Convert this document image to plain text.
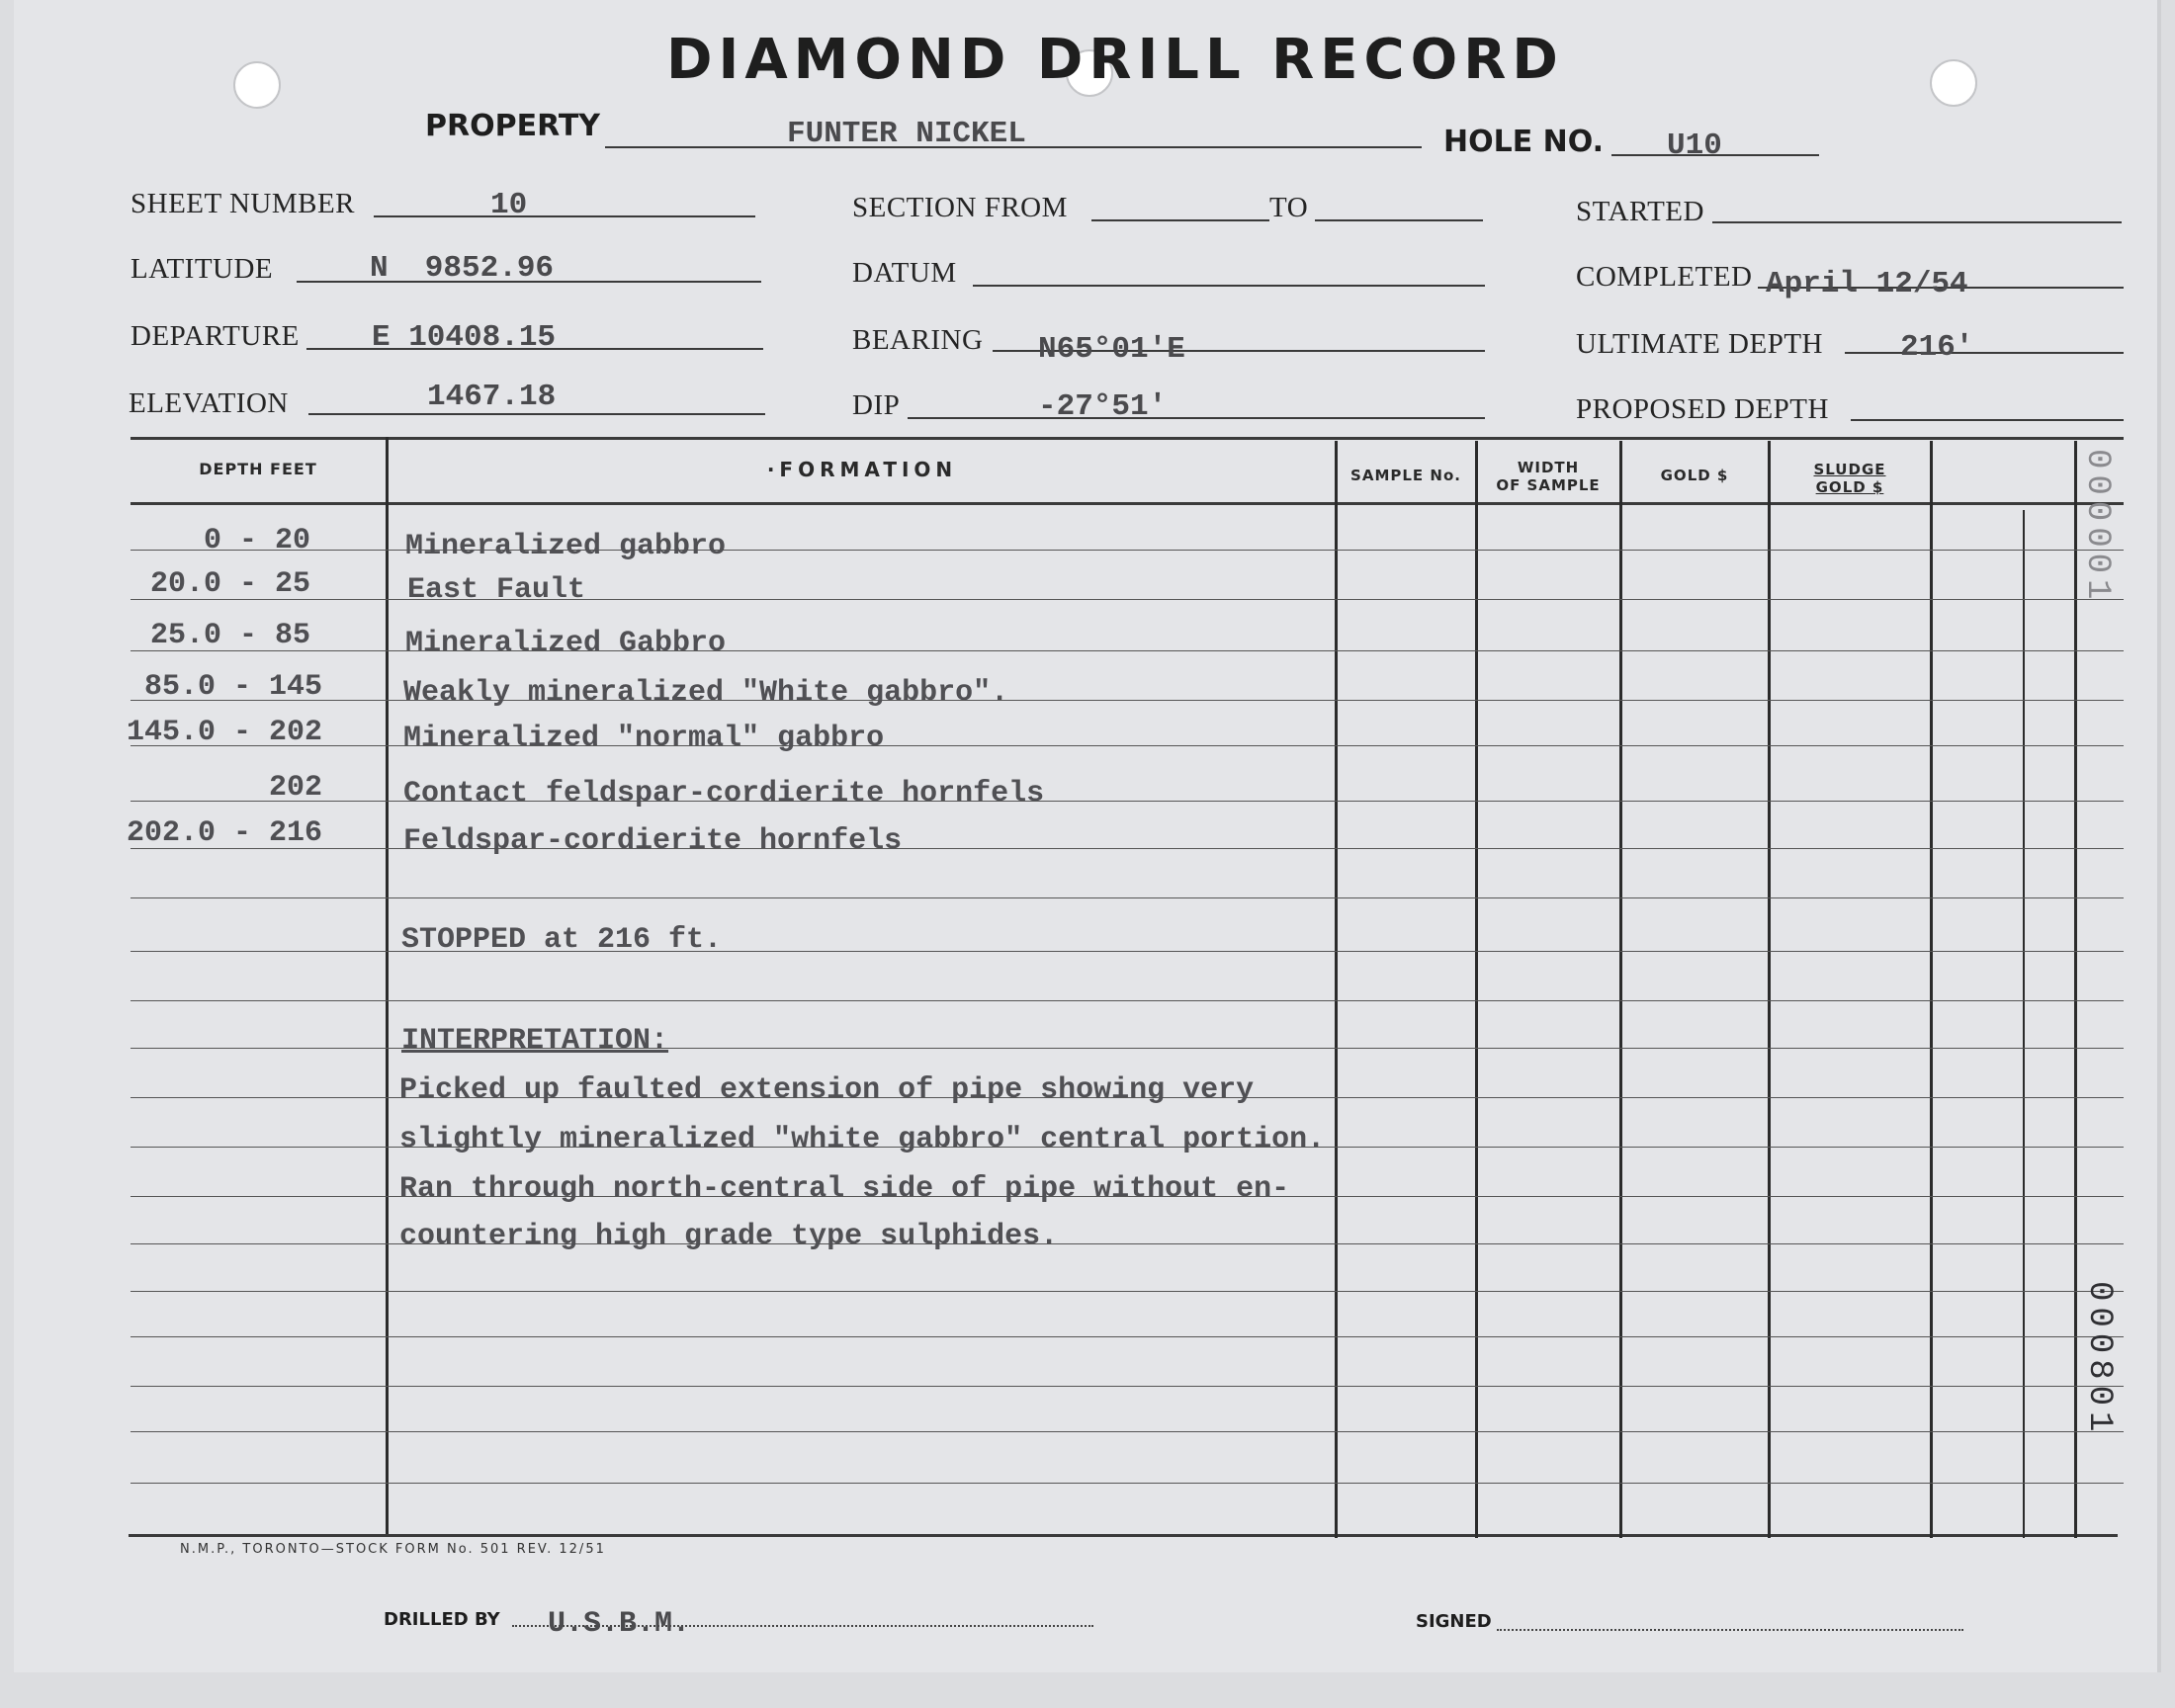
DIAMOND DRILL RECORD
PROPERTY	FUNTER NICKEL	HOLE NO. U10
SHEET NUMBER	10
LATITUDE	N  9852.96
DEPARTURE E 10408.15
ELEVATION	1467.18
SECTION FROM	TO
DATUM
BEARING N65°01'E
DIP	-27°51'
STARTED
COMPLETED April 12/54
ULTIMATE DEPTH	216'
PROPOSED DEPTH
DEPTH FEET	·FORMATION	SAMPLE No.	WIDTH
OF SAMPLE
GOLD $	SLUDGE
GOLD $
0 - 20	Mineralized gabbro
20.0 - 25	East Fault
25.0 - 85	Mineralized Gabbro
85.0 - 145	Weakly mineralized "White gabbro".
145.0 - 202	Mineralized "normal" gabbro
202	Contact feldspar-cordierite hornfels
202.0 - 216	Feldspar-cordierite hornfels
STOPPED at 216 ft.
INTERPRETATION:
Picked up faulted extension of pipe showing very
slightly mineralized "white gabbro" central portion.
Ran through north-central side of pipe without en-
countering high grade type sulphides.
000001
000801
N.M.P., TORONTO—STOCK FORM No. 501 REV. 12/51
DRILLED BY U.S.B.M.	SIGNED
